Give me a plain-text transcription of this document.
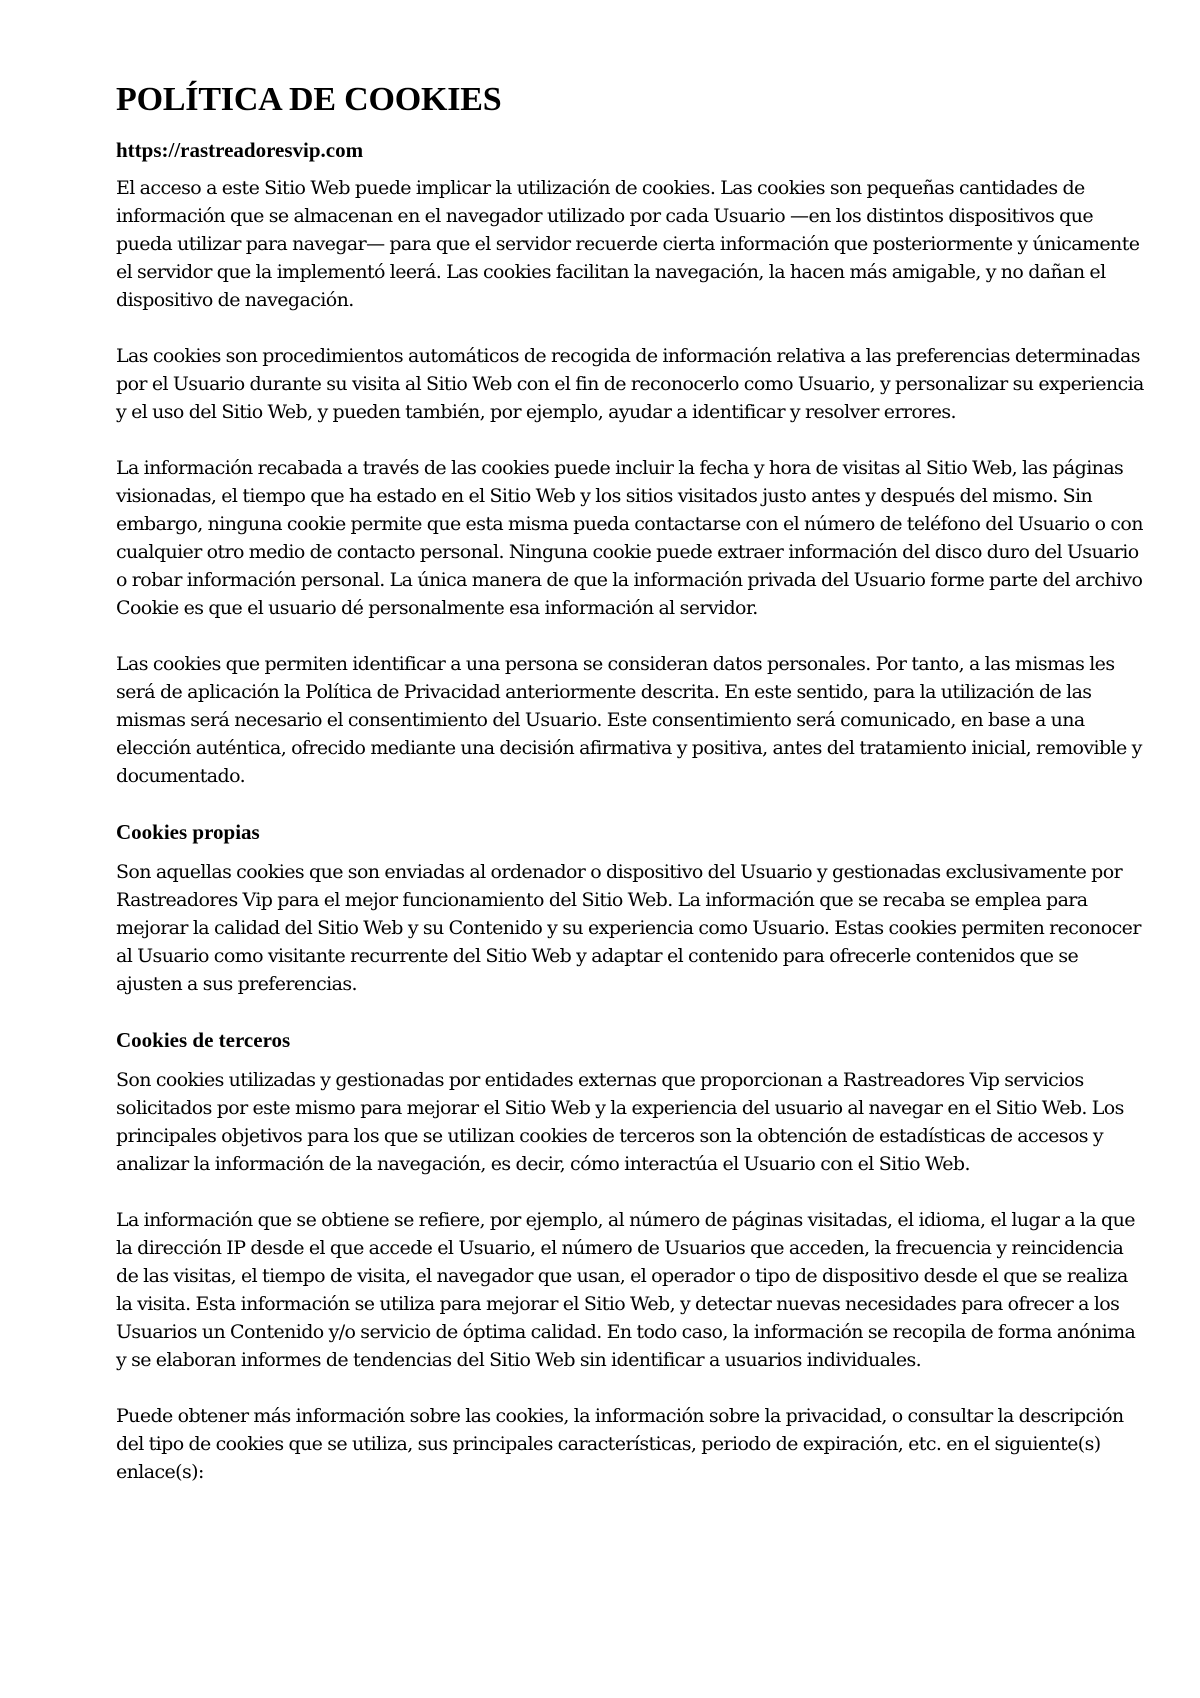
POLÍTICA DE COOKIES
https://rastreadoresvip.com

El acceso a este Sitio Web puede implicar la utilización de cookies. Las cookies son pequeñas cantidades de información que se almacenan en el navegador utilizado por cada Usuario —en los distintos dispositivos que pueda utilizar para navegar— para que el servidor recuerde cierta información que posteriormente y únicamente el servidor que la implementó leerá. Las cookies facilitan la navegación, la hacen más amigable, y no dañan el dispositivo de navegación.

Las cookies son procedimientos automáticos de recogida de información relativa a las preferencias determinadas por el Usuario durante su visita al Sitio Web con el fin de reconocerlo como Usuario, y personalizar su experiencia y el uso del Sitio Web, y pueden también, por ejemplo, ayudar a identificar y resolver errores.

La información recabada a través de las cookies puede incluir la fecha y hora de visitas al Sitio Web, las páginas visionadas, el tiempo que ha estado en el Sitio Web y los sitios visitados justo antes y después del mismo. Sin embargo, ninguna cookie permite que esta misma pueda contactarse con el número de teléfono del Usuario o con cualquier otro medio de contacto personal. Ninguna cookie puede extraer información del disco duro del Usuario o robar información personal. La única manera de que la información privada del Usuario forme parte del archivo Cookie es que el usuario dé personalmente esa información al servidor.

Las cookies que permiten identificar a una persona se consideran datos personales. Por tanto, a las mismas les será de aplicación la Política de Privacidad anteriormente descrita. En este sentido, para la utilización de las mismas será necesario el consentimiento del Usuario. Este consentimiento será comunicado, en base a una elección auténtica, ofrecido mediante una decisión afirmativa y positiva, antes del tratamiento inicial, removible y documentado.

Cookies propias

Son aquellas cookies que son enviadas al ordenador o dispositivo del Usuario y gestionadas exclusivamente por Rastreadores Vip para el mejor funcionamiento del Sitio Web. La información que se recaba se emplea para mejorar la calidad del Sitio Web y su Contenido y su experiencia como Usuario. Estas cookies permiten reconocer al Usuario como visitante recurrente del Sitio Web y adaptar el contenido para ofrecerle contenidos que se ajusten a sus preferencias.

Cookies de terceros

Son cookies utilizadas y gestionadas por entidades externas que proporcionan a Rastreadores Vip servicios solicitados por este mismo para mejorar el Sitio Web y la experiencia del usuario al navegar en el Sitio Web. Los principales objetivos para los que se utilizan cookies de terceros son la obtención de estadísticas de accesos y analizar la información de la navegación, es decir, cómo interactúa el Usuario con el Sitio Web.

La información que se obtiene se refiere, por ejemplo, al número de páginas visitadas, el idioma, el lugar a la que la dirección IP desde el que accede el Usuario, el número de Usuarios que acceden, la frecuencia y reincidencia de las visitas, el tiempo de visita, el navegador que usan, el operador o tipo de dispositivo desde el que se realiza la visita. Esta información se utiliza para mejorar el Sitio Web, y detectar nuevas necesidades para ofrecer a los Usuarios un Contenido y/o servicio de óptima calidad. En todo caso, la información se recopila de forma anónima y se elaboran informes de tendencias del Sitio Web sin identificar a usuarios individuales.

Puede obtener más información sobre las cookies, la información sobre la privacidad, o consultar la descripción del tipo de cookies que se utiliza, sus principales características, periodo de expiración, etc. en el siguiente(s) enlace(s):
